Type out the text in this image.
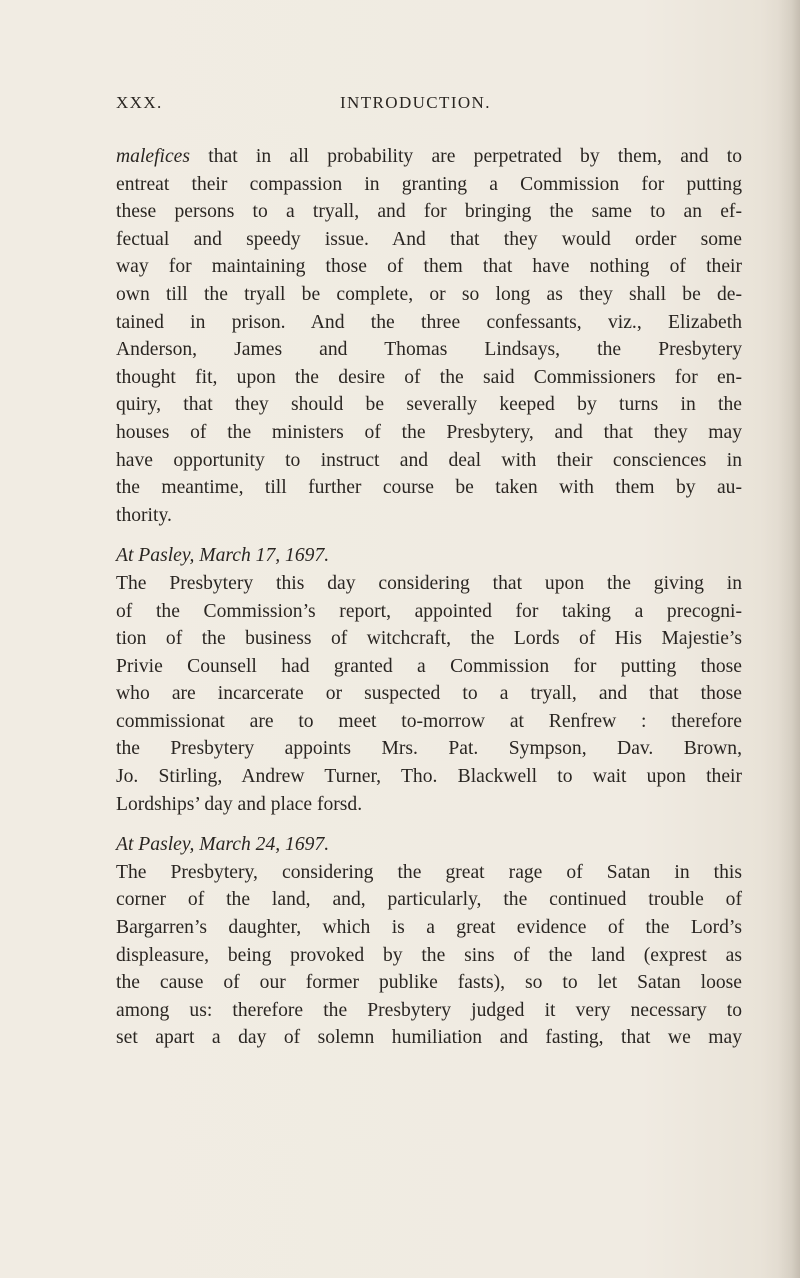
XXX.	INTRODUCTION.
malefices that in all probability are perpetrated by them, and to
entreat their compassion in granting a Commission for putting
these persons to a tryall, and for bringing the same to an ef-
fectual and speedy issue. And that they would order some
way for maintaining those of them that have nothing of their
own till the tryall be complete, or so long as they shall be de-
tained in prison. And the three confessants, viz., Elizabeth
Anderson, James and Thomas Lindsays, the Presbytery
thought fit, upon the desire of the said Commissioners for en-
quiry, that they should be severally keeped by turns in the
houses of the ministers of the Presbytery, and that they may
have opportunity to instruct and deal with their consciences in
the meantime, till further course be taken with them by au-
thority.
At Pasley, March 17, 1697.
The Presbytery this day considering that upon the giving in
of the Commission’s report, appointed for taking a precogni-
tion of the business of witchcraft, the Lords of His Majestie’s
Privie Counsell had granted a Commission for putting those
who are incarcerate or suspected to a tryall, and that those
commissionat are to meet to-morrow at Renfrew : therefore
the Presbytery appoints Mrs. Pat. Sympson, Dav. Brown,
Jo. Stirling, Andrew Turner, Tho. Blackwell to wait upon their
Lordships’ day and place forsd.
At Pasley, March 24, 1697.
The Presbytery, considering the great rage of Satan in this
corner of the land, and, particularly, the continued trouble of
Bargarren’s daughter, which is a great evidence of the Lord’s
displeasure, being provoked by the sins of the land (exprest as
the cause of our former publike fasts), so to let Satan loose
among us: therefore the Presbytery judged it very necessary to
set apart a day of solemn humiliation and fasting, that we may
